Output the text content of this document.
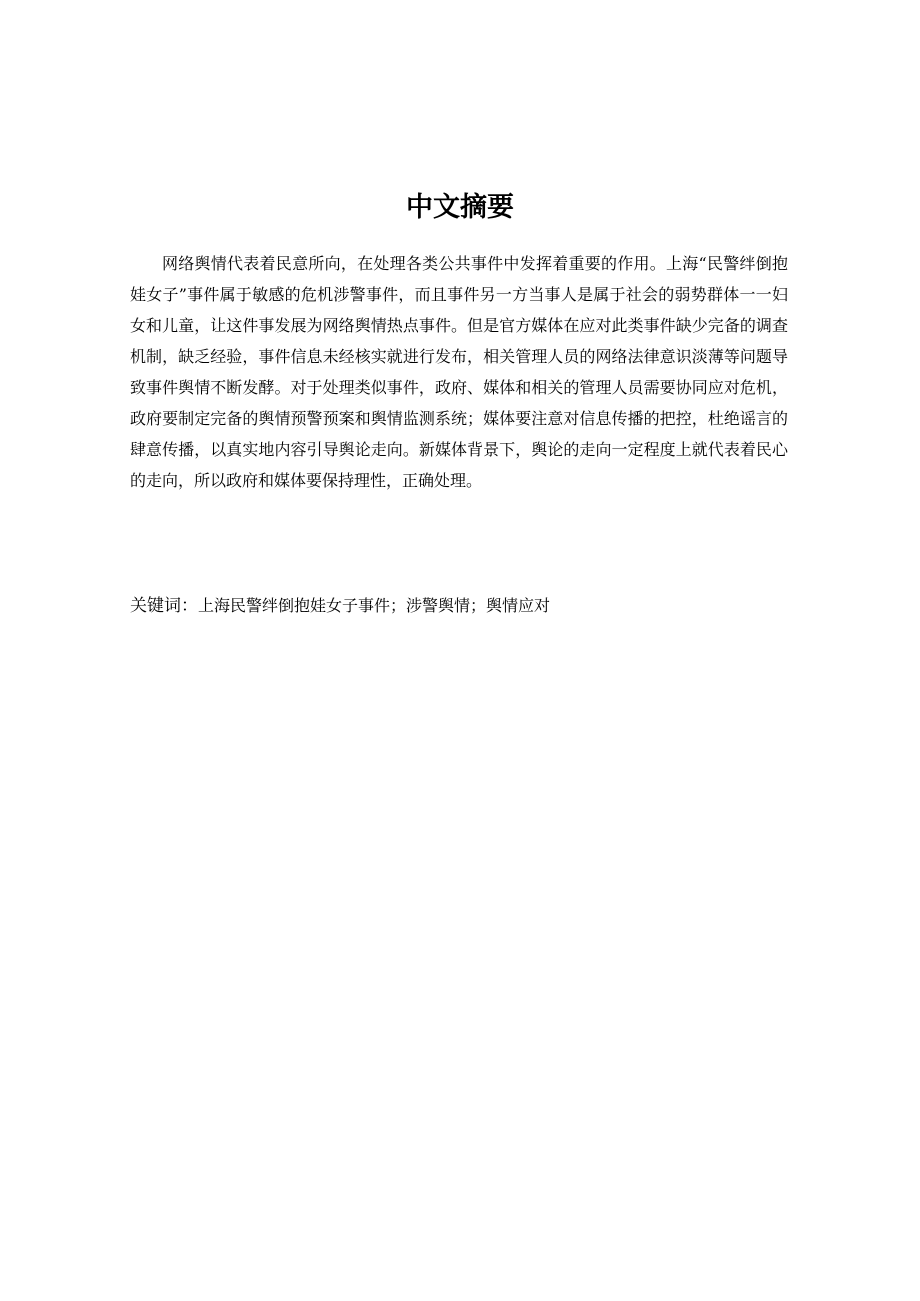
中文摘要

网络舆情代表着民意所向，在处理各类公共事件中发挥着重要的作用。上海“民警绊倒抱娃女子”事件属于敏感的危机涉警事件，而且事件另一方当事人是属于社会的弱势群体一一妇女和儿童，让这件事发展为网络舆情热点事件。但是官方媒体在应对此类事件缺少完备的调查机制，缺乏经验，事件信息未经核实就进行发布，相关管理人员的网络法律意识淡薄等问题导致事件舆情不断发酵。对于处理类似事件，政府、媒体和相关的管理人员需要协同应对危机，政府要制定完备的舆情预警预案和舆情监测系统；媒体要注意对信息传播的把控，杜绝谣言的肆意传播，以真实地内容引导舆论走向。新媒体背景下，舆论的走向一定程度上就代表着民心的走向，所以政府和媒体要保持理性，正确处理。

关键词：上海民警绊倒抱娃女子事件；涉警舆情；舆情应对
